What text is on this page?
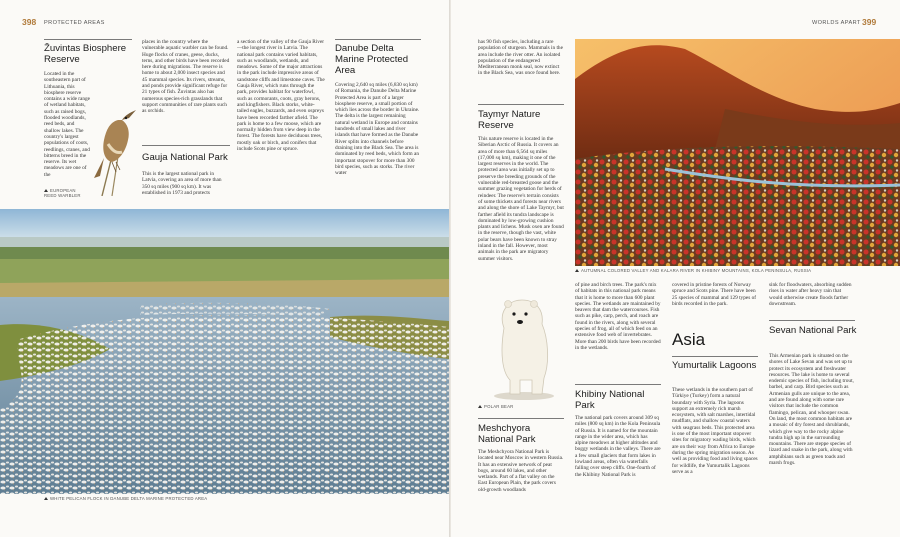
398 PROTECTED AREAS
Žuvintas Biosphere Reserve
Located in the southeastern part of Lithuania, this biosphere reserve contains a wide range of wetland habitats, such as raised bogs, flooded woodlands, reed beds, and shallow lakes. The country's largest populations of coots, reedlings, cranes, and bitterns breed in the reserve. Its wet meadows are one of the
EUROPEAN REED WARBLER
places in the country where the vulnerable aquatic warbler can be found. Huge flocks of cranes, geese, ducks, terns, and other birds have been recorded here during migrations. The reserve is home to about 2,000 insect species and 45 mammal species. Its rivers, streams, and ponds provide significant refuge for 21 types of fish. Žuvintas also has numerous species-rich grasslands that support communities of rare plants such as orchids.
Gauja National Park
This is the largest national park in Latvia, covering an area of more than 350 sq miles (900 sq km). It was established in 1973 and protects
a section of the valley of the Gauja River—the longest river in Latvia. The national park contains varied habitats, such as woodlands, wetlands, and meadows. Some of the major attractions in the park include impressive areas of sandstone cliffs and limestone caves. The Gauja River, which runs through the park, provides habitat for waterfowl, such as cormorants, coots, gray herons, and kingfishers. Black storks, white-tailed eagles, buzzards, and even ospreys have been recorded farther afield. The park is home to a few moose, which are normally hidden from view deep in the forest. The forests have deciduous trees, mostly oak or birch, and conifers that include Scots pine or spruce.
Danube Delta Marine Protected Area
Covering 2,640 sq miles (6,830 sq km) of Romania, the Danube Delta Marine Protected Area is part of a larger biosphere reserve, a small portion of which lies across the border in Ukraine. The delta is the largest remaining natural wetland in Europe and contains hundreds of small lakes and river islands that have formed as the Danube River splits into channels before draining into the Black Sea. The area is dominated by reed beds, which form an important stopover for more than 300 bird species, such as storks. The river water
WHITE PELICAN FLOCK IN DANUBE DELTA MARINE PROTECTED AREA
WORLDS APART 399
has 90 fish species, including a rare population of sturgeon. Mammals in the area include the river otter. An isolated population of the endangered Mediterranean monk seal, now extinct in the Black Sea, was once found here.
Taymyr Nature Reserve
This nature reserve is located in the Siberian Arctic of Russia. It covers an area of more than 6,564 sq miles (17,000 sq km), making it one of the largest reserves in the world. The protected area was initially set up to preserve the breeding grounds of the vulnerable red-breasted goose and the summer grazing vegetation for herds of reindeer. The reserve's terrain consists of some thickets and forests near rivers and along the shore of Lake Taymyr, but farther afield its tundra landscape is dominated by low-growing cushion plants and lichens. Musk oxen are found in the reserve, though the vast, white polar bears have been known to stray inland in the fall. However, most animals in the park are migratory summer visitors.
AUTUMNAL COLORED VALLEY AND KALARA RIVER IN KHIBINY MOUNTAINS, KOLA PENINSULA, RUSSIA
POLAR BEAR
Meshchyora National Park
The Meshchyora National Park is located near Moscow in western Russia. It has an extensive network of peat bogs, around 60 lakes, and other wetlands. Part of a flat valley on the East European Plain, the park covers old-growth woodlands
of pine and birch trees. The park's mix of habitats in this national park means that it is home to more than 600 plant species. The wetlands are maintained by beavers that dam the watercourses. Fish such as pike, carp, perch, and roach are found in the rivers, along with several species of frog, all of which feed on an extensive food web of invertebrates. More than 200 birds have been recorded in the wetlands.
Khibiny National Park
The national park covers around 309 sq miles (800 sq km) in the Kola Peninsula of Russia. It is named for the mountain range in the wider area, which has alpine meadows at higher altitudes and boggy wetlands in the valleys. There are a few small glaciers that form lakes in lowland areas, often via waterfalls falling over steep cliffs. One-fourth of the Khibiny National Park is
covered in pristine forests of Norway spruce and Scots pine. There have been 25 species of mammal and 129 types of birds recorded in the park.
Asia
Yumurtalik Lagoons
These wetlands in the southern part of Türkiye (Turkey) form a natural boundary with Syria. The lagoons support an extremely rich marsh ecosystem, with salt marshes, intertidal mudflats, and shallow coastal waters with seagrass beds. This protected area is one of the most important stopover sites for migratory wading birds, which are on their way from Africa to Europe during the spring migration season. As well as providing food and living spaces for wildlife, the Yumurtalik Lagoons serve as a
sink for floodwaters, absorbing sudden rises in water after heavy rain that would otherwise create floods farther downstream.
Sevan National Park
This Armenian park is situated on the shores of Lake Sevan and was set up to protect its ecosystem and freshwater resources. The lake is home to several endemic species of fish, including trout, barbel, and carp. Bird species such as Armenian gulls are unique to the area, and are found along with some rare visitors that include the common flamingo, pelican, and whooper swan. On land, the most common habitats are a mosaic of dry forest and shrublands, which give way to the rocky alpine tundra high up in the surrounding mountains. There are steppe species of lizard and snake in the park, along with amphibians such as green toads and marsh frogs.
